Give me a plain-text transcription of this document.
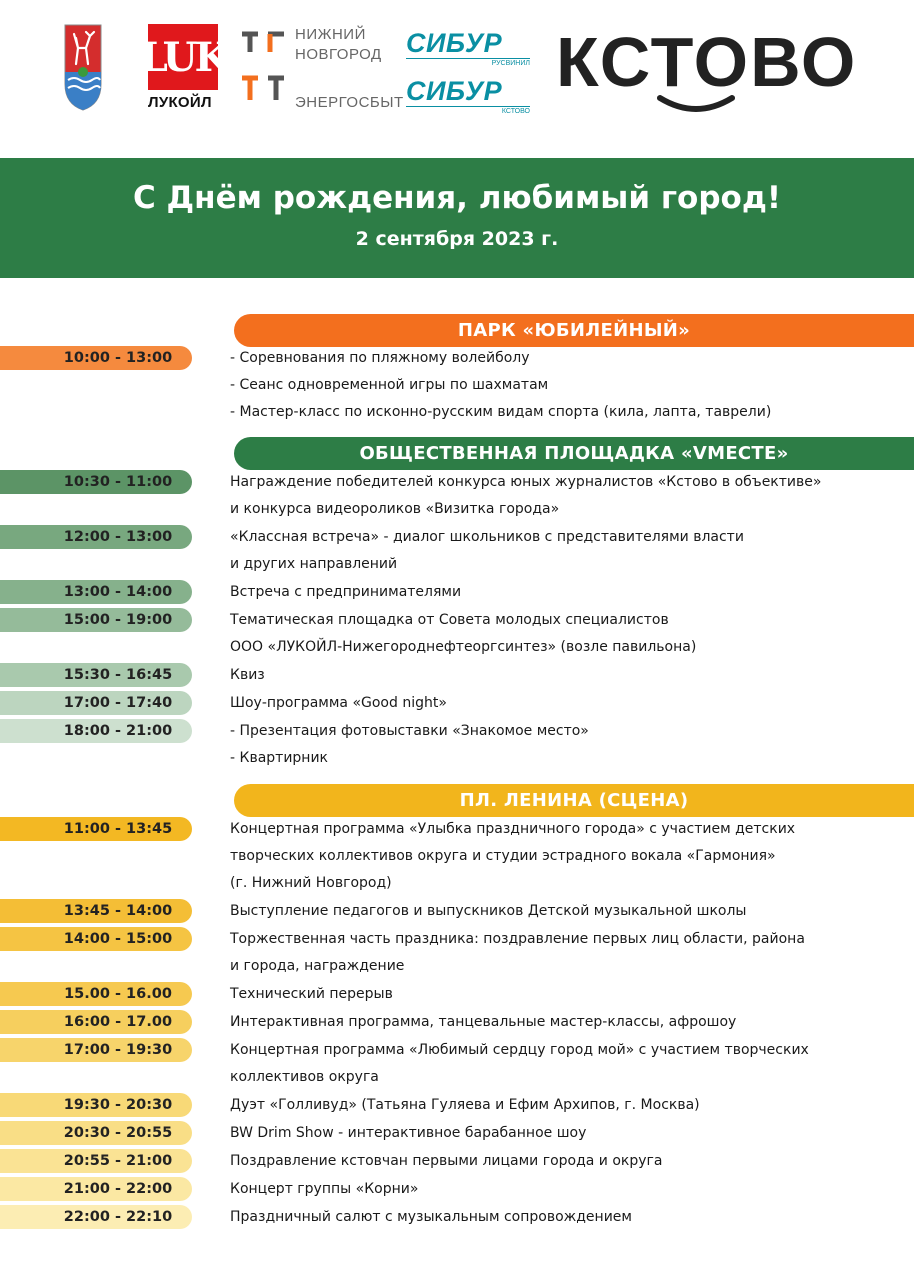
LUK
ЛУКОЙЛ
НИЖНИЙ
НОВГОРОД
ЭНЕРГОСБЫТ
СИБУР
РУСВИНИЛ
СИБУР
КСТОВО
КСТОВО
С Днём рождения, любимый город!
2 сентября 2023 г.
ПАРК «ЮБИЛЕЙНЫЙ»
10:00 - 13:00	- Соревнования по пляжному волейболу
- Сеанс одновременной игры по шахматам
- Мастер-класс по исконно-русским видам спорта (кила, лапта, таврели)
ОБЩЕСТВЕННАЯ ПЛОЩАДКА «VМЕСТЕ»
10:30 - 11:00	Награждение победителей конкурса юных журналистов «Кстово в объективе»
и конкурса видеороликов «Визитка города»
12:00 - 13:00	«Классная встреча» - диалог школьников с представителями власти
и других направлений
13:00 - 14:00	Встреча с предпринимателями
15:00 - 19:00	Тематическая площадка от Совета молодых специалистов
ООО «ЛУКОЙЛ-Нижегороднефтеоргсинтез» (возле павильона)
15:30 - 16:45	Квиз
17:00 - 17:40	Шоу-программа «Good night»
18:00 - 21:00	- Презентация фотовыставки «Знакомое место»
- Квартирник
ПЛ. ЛЕНИНА (СЦЕНА)
11:00 - 13:45	Концертная программа «Улыбка праздничного города» с участием детских
творческих коллективов округа и студии эстрадного вокала «Гармония»
(г. Нижний Новгород)
13:45 - 14:00	Выступление педагогов и выпускников Детской музыкальной школы
14:00 - 15:00	Торжественная часть праздника: поздравление первых лиц области, района
и города, награждение
15.00 - 16.00	Технический перерыв
16:00 - 17.00	Интерактивная программа, танцевальные мастер-классы, афрошоу
17:00 - 19:30	Концертная программа «Любимый сердцу город мой» с участием творческих
коллективов округа
19:30 - 20:30	Дуэт «Голливуд» (Татьяна Гуляева и Ефим Архипов, г. Москва)
20:30 - 20:55	BW Drim Show - интерактивное барабанное шоу
20:55 - 21:00	Поздравление кстовчан первыми лицами города и округа
21:00 - 22:00	Концерт группы «Корни»
22:00 - 22:10	Праздничный салют с музыкальным сопровождением
